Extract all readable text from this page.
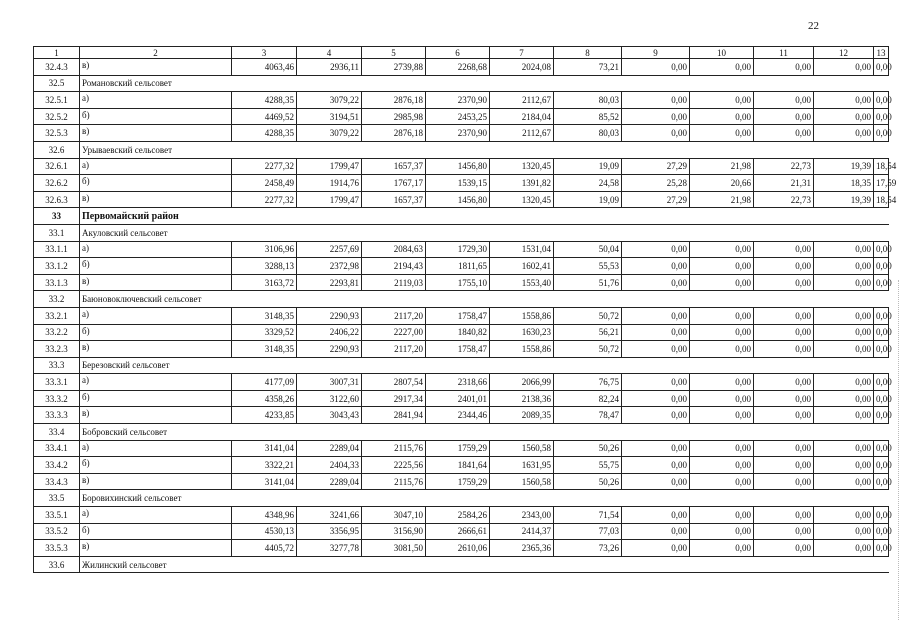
22
1	2	3	4	5	6	7	8	9	10	11	12	13
32.4.3	в)	4063,46	2936,11	2739,88	2268,68	2024,08	73,21	0,00	0,00	0,00	0,00	0,00
32.5	Романовский сельсовет											
32.5.1	а)	4288,35	3079,22	2876,18	2370,90	2112,67	80,03	0,00	0,00	0,00	0,00	0,00
32.5.2	б)	4469,52	3194,51	2985,98	2453,25	2184,04	85,52	0,00	0,00	0,00	0,00	0,00
32.5.3	в)	4288,35	3079,22	2876,18	2370,90	2112,67	80,03	0,00	0,00	0,00	0,00	0,00
32.6	Урываевский сельсовет											
32.6.1	а)	2277,32	1799,47	1657,37	1456,80	1320,45	19,09	27,29	21,98	22,73	19,39	18,54
32.6.2	б)	2458,49	1914,76	1767,17	1539,15	1391,82	24,58	25,28	20,66	21,31	18,35	17,59
32.6.3	в)	2277,32	1799,47	1657,37	1456,80	1320,45	19,09	27,29	21,98	22,73	19,39	18,54
33	Первомайский район											
33.1	Акуловский сельсовет											
33.1.1	а)	3106,96	2257,69	2084,63	1729,30	1531,04	50,04	0,00	0,00	0,00	0,00	0,00
33.1.2	б)	3288,13	2372,98	2194,43	1811,65	1602,41	55,53	0,00	0,00	0,00	0,00	0,00
33.1.3	в)	3163,72	2293,81	2119,03	1755,10	1553,40	51,76	0,00	0,00	0,00	0,00	0,00
33.2	Баюновоключевский сельсовет											
33.2.1	а)	3148,35	2290,93	2117,20	1758,47	1558,86	50,72	0,00	0,00	0,00	0,00	0,00
33.2.2	б)	3329,52	2406,22	2227,00	1840,82	1630,23	56,21	0,00	0,00	0,00	0,00	0,00
33.2.3	в)	3148,35	2290,93	2117,20	1758,47	1558,86	50,72	0,00	0,00	0,00	0,00	0,00
33.3	Березовский сельсовет											
33.3.1	а)	4177,09	3007,31	2807,54	2318,66	2066,99	76,75	0,00	0,00	0,00	0,00	0,00
33.3.2	б)	4358,26	3122,60	2917,34	2401,01	2138,36	82,24	0,00	0,00	0,00	0,00	0,00
33.3.3	в)	4233,85	3043,43	2841,94	2344,46	2089,35	78,47	0,00	0,00	0,00	0,00	0,00
33.4	Бобровский сельсовет											
33.4.1	а)	3141,04	2289,04	2115,76	1759,29	1560,58	50,26	0,00	0,00	0,00	0,00	0,00
33.4.2	б)	3322,21	2404,33	2225,56	1841,64	1631,95	55,75	0,00	0,00	0,00	0,00	0,00
33.4.3	в)	3141,04	2289,04	2115,76	1759,29	1560,58	50,26	0,00	0,00	0,00	0,00	0,00
33.5	Боровихинский сельсовет											
33.5.1	а)	4348,96	3241,66	3047,10	2584,26	2343,00	71,54	0,00	0,00	0,00	0,00	0,00
33.5.2	б)	4530,13	3356,95	3156,90	2666,61	2414,37	77,03	0,00	0,00	0,00	0,00	0,00
33.5.3	в)	4405,72	3277,78	3081,50	2610,06	2365,36	73,26	0,00	0,00	0,00	0,00	0,00
33.6	Жилинский сельсовет											
